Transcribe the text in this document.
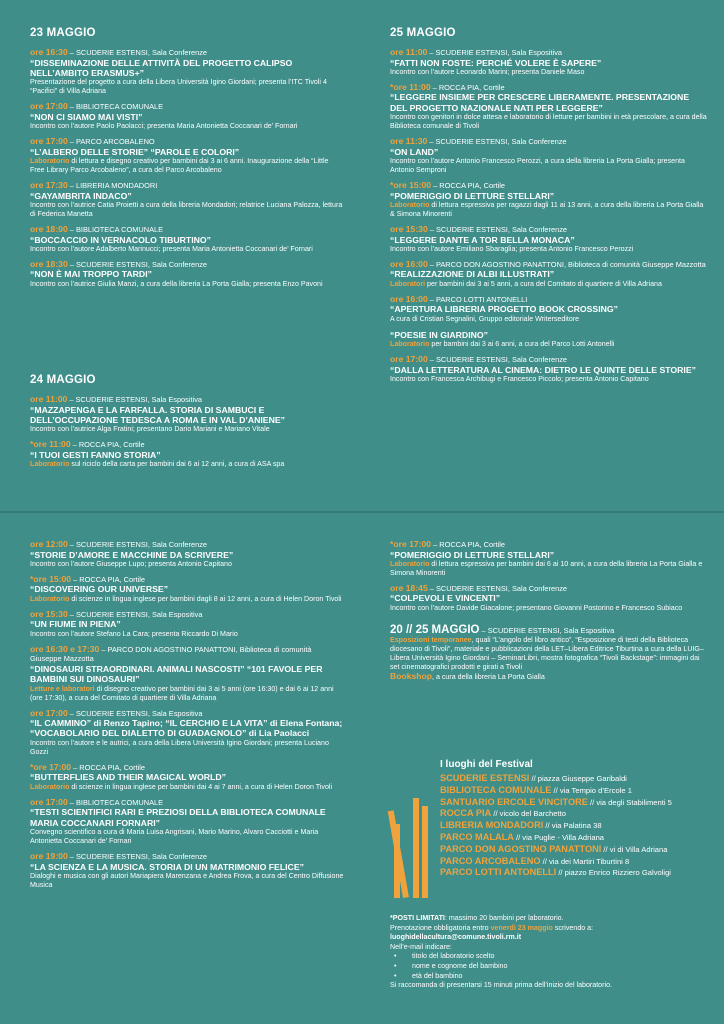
23 MAGGIO
ore 16:30 – SCUDERIE ESTENSI, Sala Conferenze
“DISSEMINAZIONE DELLE ATTIVITÀ DEL PROGETTO CALIPSO NELL’AMBITO ERASMUS+”
Presentazione del progetto a cura della Libera Università Igino Giordani; presenta l’ITC Tivoli 4 “Pacifici” di Villa Adriana
ore 17:00 – BIBLIOTECA COMUNALE
“NON CI SIAMO MAI VISTI”
Incontro con l’autore Paolo Paolacci; presenta Maria Antonietta Coccanari de’ Fornari
ore 17:00 – PARCO ARCOBALENO
“L’ALBERO DELLE STORIE” “PAROLE E COLORI”
Laboratorio di lettura e disegno creativo per bambini dai 3 ai 6 anni. Inaugurazione della “Little Free Library Parco Arcobaleno”, a cura del Parco Arcobaleno
ore 17:30 – LIBRERIA MONDADORI
“GAYAMBRITA INDACO”
Incontro con l’autrice Catia Proietti a cura della libreria Mondadori; relatrice Luciana Palozza, lettura di Federica Manetta
ore 18:00 – BIBLIOTECA COMUNALE
“BOCCACCIO IN VERNACOLO TIBURTINO”
Incontro con l’autore Adalberto Marinucci; presenta Maria Antonietta Coccanari de’ Fornari
ore 18:30 – SCUDERIE ESTENSI, Sala Conferenze
“NON È MAI TROPPO TARDI”
Incontro con l’autrice Giulia Manzi, a cura della libreria La Porta Gialla; presenta Enzo Pavoni
24 MAGGIO
ore 11:00 – SCUDERIE ESTENSI, Sala Espositiva
“MAZZAPENGA E LA FARFALLA. STORIA DI SAMBUCI E DELL’OCCUPAZIONE TEDESCA A ROMA E IN VAL D’ANIENE”
Incontro con l’autrice Alga Fratini; presentano Dario Mariani e Mariano Vitale
*ore 11:00 – ROCCA PIA, Cortile
“I TUOI GESTI FANNO STORIA”
Laboratorio sul riciclo della carta per bambini dai 6 ai 12 anni, a cura di ASA spa
25 MAGGIO
ore 11:00 – SCUDERIE ESTENSI, Sala Espositiva
“FATTI NON FOSTE: PERCHÉ VOLERE È SAPERE”
Incontro con l’autore Leonardo Marini; presenta Daniele Maso
*ore 11:00 – ROCCA PIA, Cortile
“LEGGERE INSIEME PER CRESCERE LIBERAMENTE. PRESENTAZIONE DEL PROGETTO NAZIONALE NATI PER LEGGERE”
Incontro con genitori in dolce attesa e laboratorio di letture per bambini in età prescolare, a cura della Biblioteca comunale di Tivoli
ore 11:30 – SCUDERIE ESTENSI, Sala Conferenze
“ON LAND”
Incontro con l’autore Antonio Francesco Perozzi, a cura della libreria La Porta Gialla; presenta Antonio Semproni
*ore 15:00 – ROCCA PIA, Cortile
“POMERIGGIO DI LETTURE STELLARI”
Laboratorio di lettura espressiva per ragazzi dagli 11 ai 13 anni, a cura della libreria La Porta Gialla & Simona Minorenti
ore 15:30 – SCUDERIE ESTENSI, Sala Conferenze
“LEGGERE DANTE A TOR BELLA MONACA”
Incontro con l’autore Emiliano Sbaraglia; presenta Antonio Francesco Perozzi
ore 16:00 – PARCO DON AGOSTINO PANATTONI, Biblioteca di comunità Giuseppe Mazzotta
“REALIZZAZIONE DI ALBI ILLUSTRATI”
Laboratori per bambini dai 3 ai 5 anni, a cura del Comitato di quartiere di Villa Adriana
ore 16:00 – PARCO LOTTI ANTONELLI
“APERTURA LIBRERIA PROGETTO BOOK CROSSING”
A cura di Cristian Segnalini, Gruppo editoriale Writerseditore
“POESIE IN GIARDINO”
Laboratorio per bambini dai 3 ai 6 anni, a cura del Parco Lotti Antonelli
ore 17:00 – SCUDERIE ESTENSI, Sala Conferenze
“DALLA LETTERATURA AL CINEMA: DIETRO LE QUINTE DELLE STORIE”
Incontro con Francesca Archibugi e Francesco Piccolo; presenta Antonio Capitano
ore 12:00 – SCUDERIE ESTENSI, Sala Conferenze
“STORIE D’AMORE E MACCHINE DA SCRIVERE”
Incontro con l’autore Giuseppe Lupo; presenta Antonio Capitano
*ore 15:00 – ROCCA PIA, Cortile
“DISCOVERING OUR UNIVERSE”
Laboratorio di scienze in lingua inglese per bambini dagli 8 ai 12 anni, a cura di Helen Doron Tivoli
ore 15:30 – SCUDERIE ESTENSI, Sala Espositiva
“UN FIUME IN PIENA”
Incontro con l’autore Stefano La Cara; presenta Riccardo Di Mario
ore 16:30 e 17:30 – PARCO DON AGOSTINO PANATTONI, Biblioteca di comunità Giuseppe Mazzotta
“DINOSAURI STRAORDINARI. ANIMALI NASCOSTI” “101 FAVOLE PER BAMBINI SUI DINOSAURI”
Letture e laboratori di disegno creativo per bambini dai 3 ai 5 anni (ore 16:30) e dai 6 ai 12 anni (ore 17:30), a cura del Comitato di quartiere di Villa Adriana
ore 17:00 – SCUDERIE ESTENSI, Sala Espositiva
“IL CAMMINO” di Renzo Tapino; “IL CERCHIO E LA VITA” di Elena Fontana; “VOCABOLARIO DEL DIALETTO DI GUADAGNOLO” di Lia Paolacci
Incontro con l’autore e le autrici, a cura della Libera Università Igino Giordani; presenta Luciano Gozzi
*ore 17:00 – ROCCA PIA, Cortile
“BUTTERFLIES AND THEIR MAGICAL WORLD”
Laboratorio di scienze in lingua inglese per bambini dai 4 ai 7 anni, a cura di Helen Doron Tivoli
ore 17:00 – BIBLIOTECA COMUNALE
“TESTI SCIENTIFICI RARI E PREZIOSI DELLA BIBLIOTECA COMUNALE MARIA COCCANARI FORNARI”
Convegno scientifico a cura di Maria Luisa Angrisani, Mario Marino, Alvaro Cacciotti e Maria Antonietta Coccanari de’ Fornari
ore 19:00 – SCUDERIE ESTENSI, Sala Conferenze
“LA SCIENZA E LA MUSICA. STORIA DI UN MATRIMONIO FELICE”
Dialoghi e musica con gli autori Mariapiera Marenzana e Andrea Frova, a cura del Centro Diffusione Musica
*ore 17:00 – ROCCA PIA, Cortile
“POMERIGGIO DI LETTURE STELLARI”
Laboratorio di lettura espressiva per bambini dai 6 ai 10 anni, a cura della libreria La Porta Gialla e Simona Minorenti
ore 18:45 – SCUDERIE ESTENSI, Sala Conferenze
“COLPEVOLI E VINCENTI”
Incontro con l’autore Davide Giacalone; presentano Giovanni Postorino e Francesco Subiaco
20 // 25 MAGGIO – SCUDERIE ESTENSI, Sala Espositiva
Esposizioni temporanee, quali “L’angolo del libro antico”, “Esposizione di testi della Biblioteca diocesano di Tivoli”, materiale e pubblicazioni della LET–Libera Editrice Tiburtina a cura della LUIG–Libera Università Igino Giordani – SeminarLibri, mostra fotografica “Tivoli Backstage”: immagini dai set cinematografici prodotti e girati a Tivoli
Bookshop, a cura della libreria La Porta Gialla
I luoghi del Festival
SCUDERIE ESTENSI // piazza Giuseppe Garibaldi
BIBLIOTECA COMUNALE // via Tempio d’Ercole 1
SANTUARIO ERCOLE VINCITORE // via degli Stabilimenti 5
ROCCA PIA // vicolo del Barchetto
LIBRERIA MONDADORI // via Palatina 38
PARCO MALALA // via Puglie - Villa Adriana
PARCO DON AGOSTINO PANATTONI // vi di Villa Adriana
PARCO ARCOBALENO // via dei Martiri Tiburtini 8
PARCO LOTTI ANTONELLI // piazzo Enrico Rizziero Galvoligi
*POSTI LIMITATI: massimo 20 bambini per laboratorio.
Prenotazione obbligatoria entro venerdì 23 maggio scrivendo a:
luoghidellacultura@comune.tivoli.rm.it
Nell’e-mail indicare:
• titolo del laboratorio scelto
• nome e cognome del bambino
• età del bambino
Si raccomanda di presentarsi 15 minuti prima dell’inizio del laboratorio.
